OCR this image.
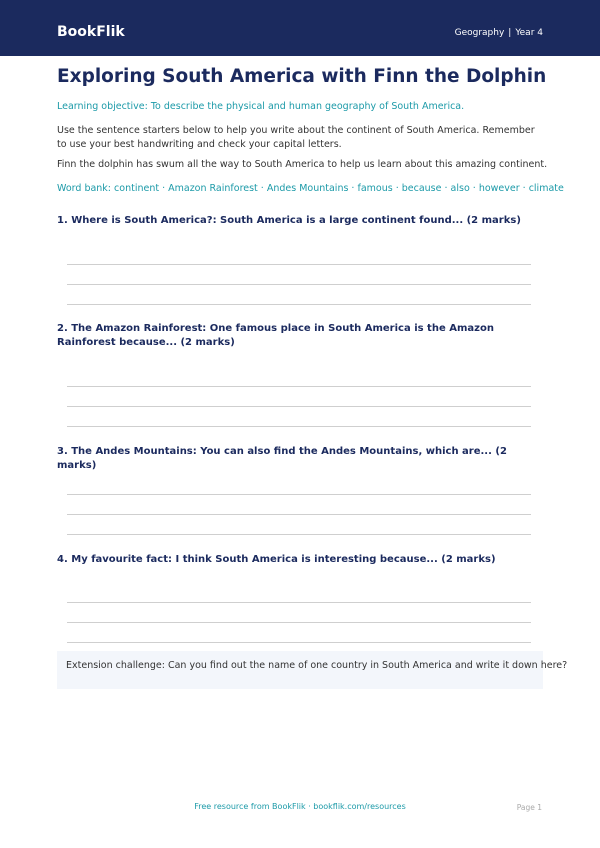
BookFlik	Geography | Year 4
Exploring South America with Finn the Dolphin
Learning objective: To describe the physical and human geography of South America.

Use the sentence starters below to help you write about the continent of South America. Remember to use your best handwriting and check your capital letters.

Finn the dolphin has swum all the way to South America to help us learn about this amazing continent.

Word bank: continent · Amazon Rainforest · Andes Mountains · famous · because · also · however · climate
1. Where is South America?: South America is a large continent found... (2 marks)
2. The Amazon Rainforest: One famous place in South America is the Amazon Rainforest because... (2 marks)
3. The Andes Mountains: You can also find the Andes Mountains, which are... (2 marks)
4. My favourite fact: I think South America is interesting because... (2 marks)
Extension challenge: Can you find out the name of one country in South America and write it down here?
Free resource from BookFlik · bookflik.com/resources	Page 1
